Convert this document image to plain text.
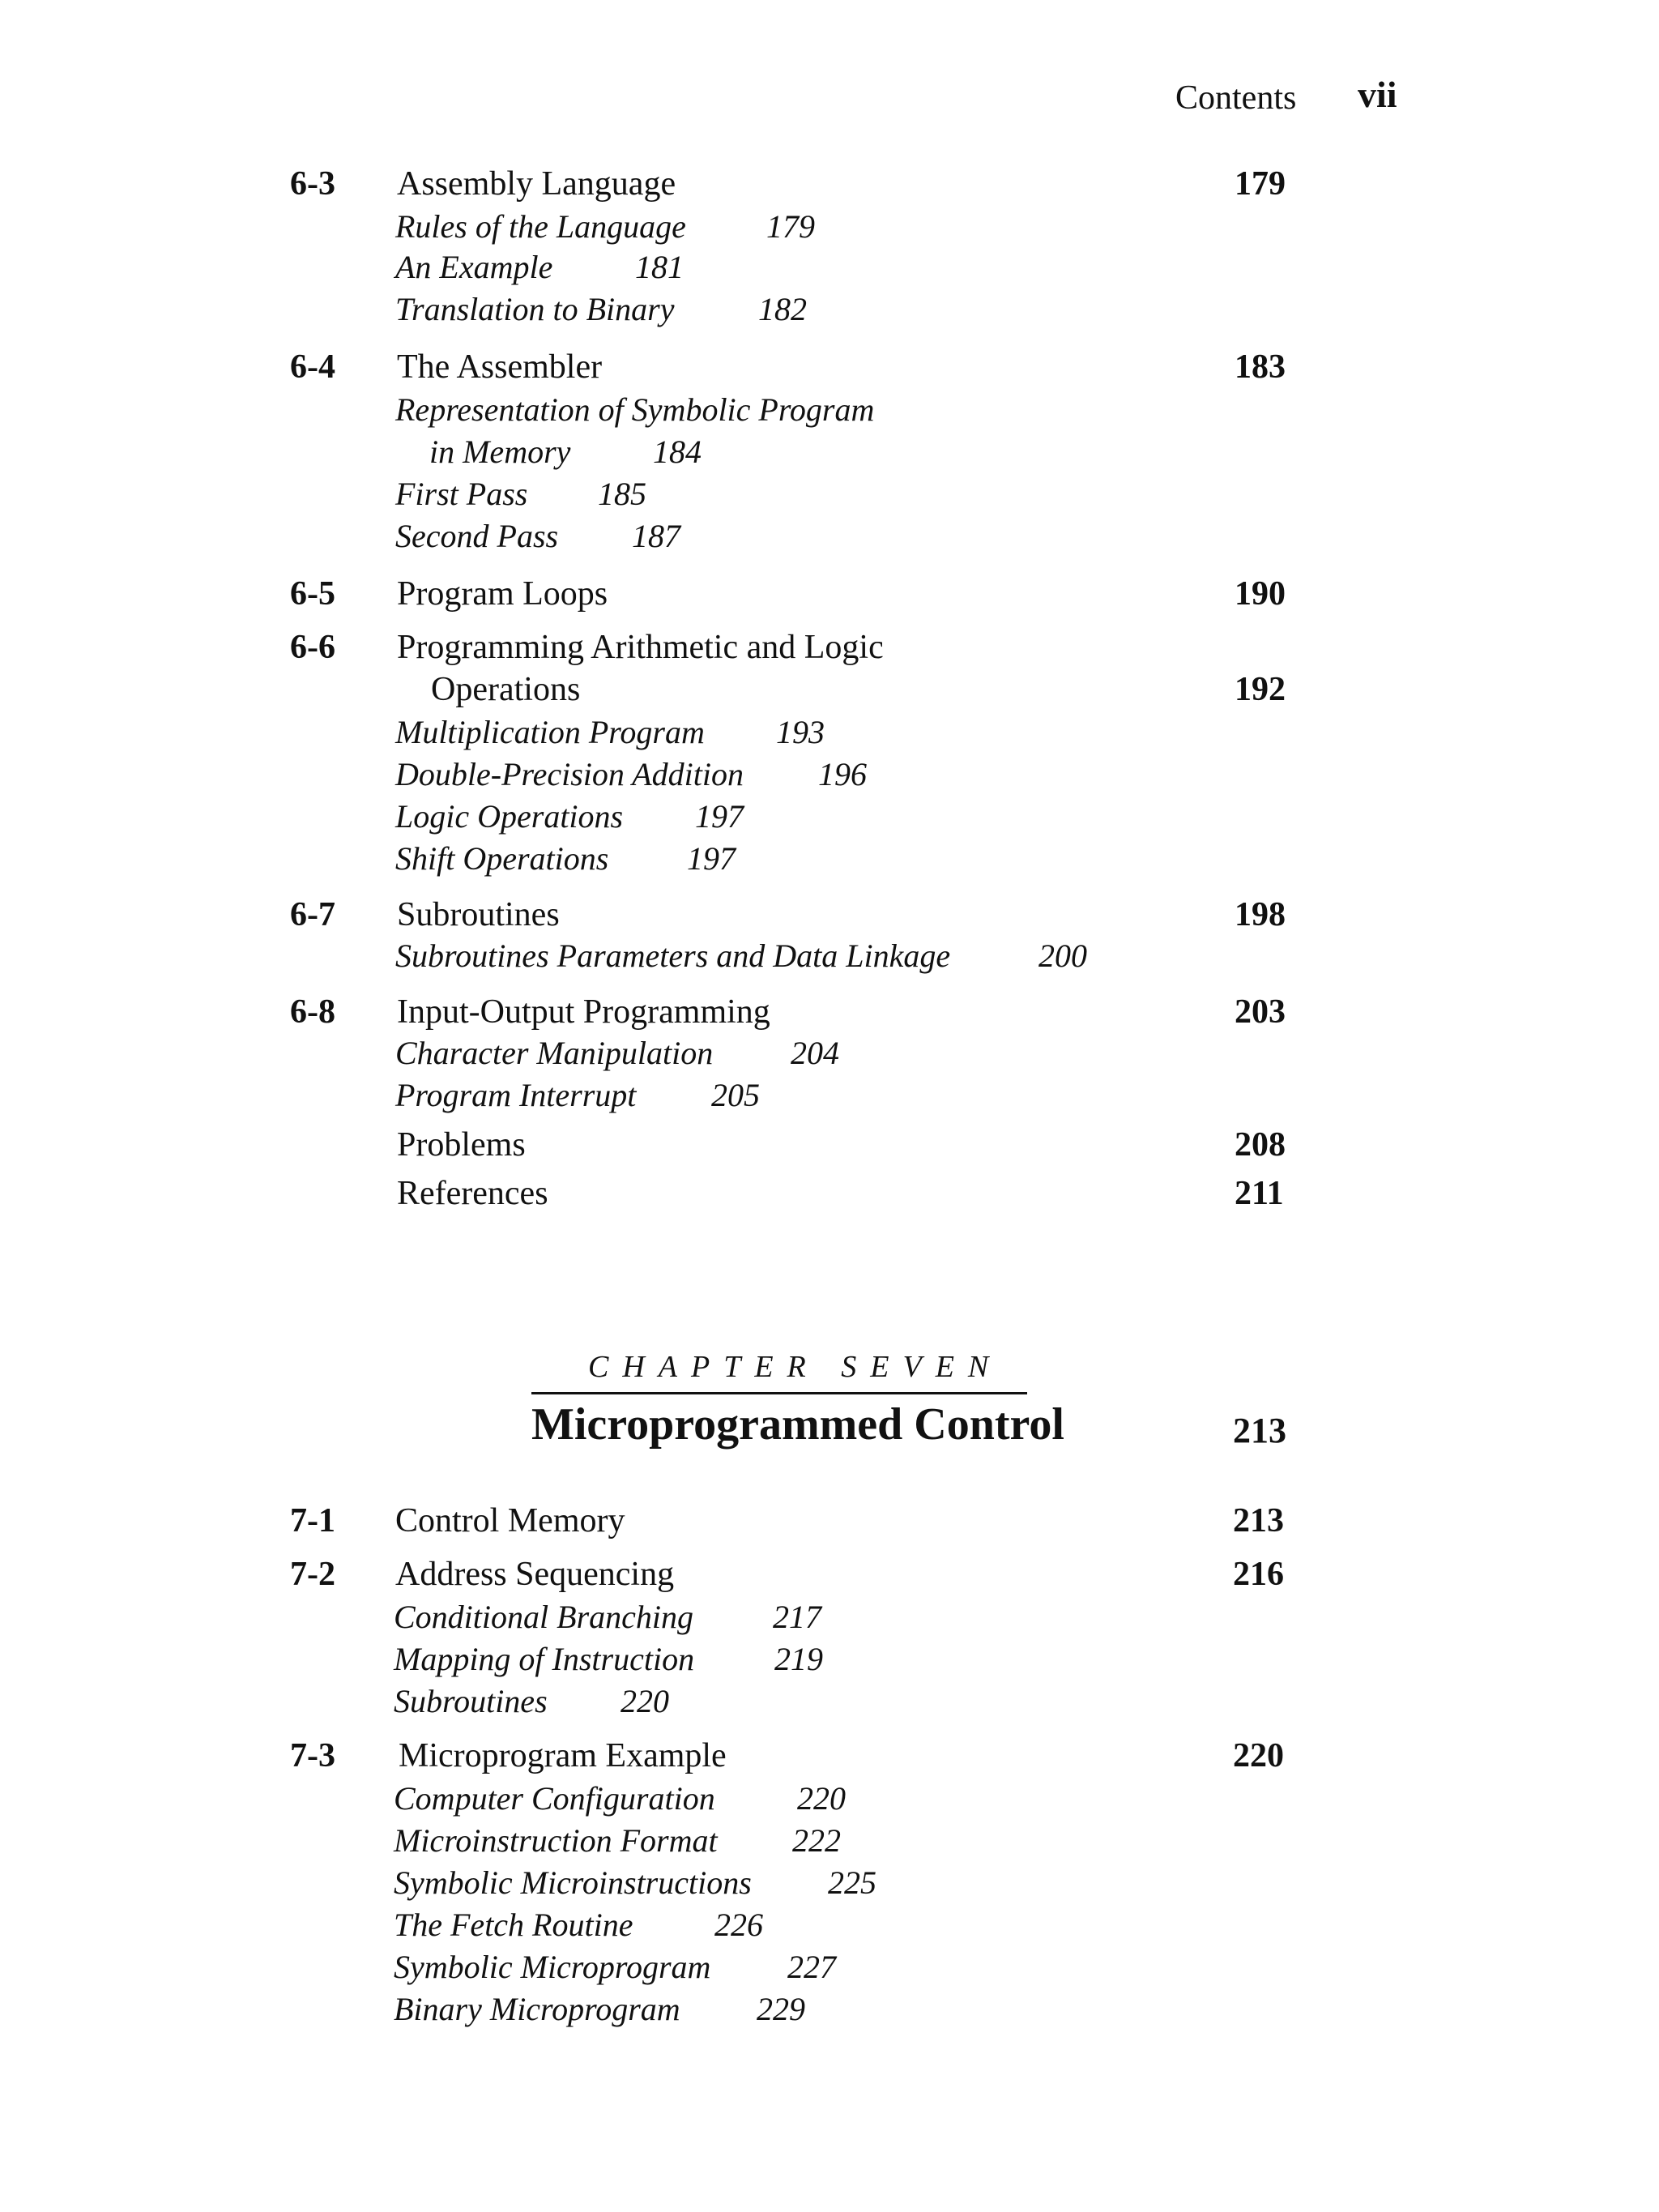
Contents vii
6-3 Assembly Language	179
Rules of the Language 179
An Example	181
Translation to Binary	182
6-4 The Assembler	183
Representation of Symbolic Program
in Memory	184
First Pass 185
Second Pass 187
6-5 Program Loops	190
6-6 Programming Arithmetic and Logic
Operations	192
Multiplication Program 193
Double-Precision Addition 196
Logic Operations 197
Shift Operations 197
6-7 Subroutines	198
Subroutines Parameters and Data Linkage	200
6-8 Input-Output Programming	203
Character Manipulation 204
Program Interrupt 205
Problems	208
References	211
CHAPTER SEVEN
Microprogrammed Control	213
7-1 Control Memory	213
7-2 Address Sequencing	216
Conditional Branching 217
Mapping of Instruction 219
Subroutines 220
7-3 Microprogram Example	220
Computer Configuration	220
Microinstruction Format 222
Symbolic Microinstructions 225
The Fetch Routine	226
Symbolic Microprogram 227
Binary Microprogram 229
